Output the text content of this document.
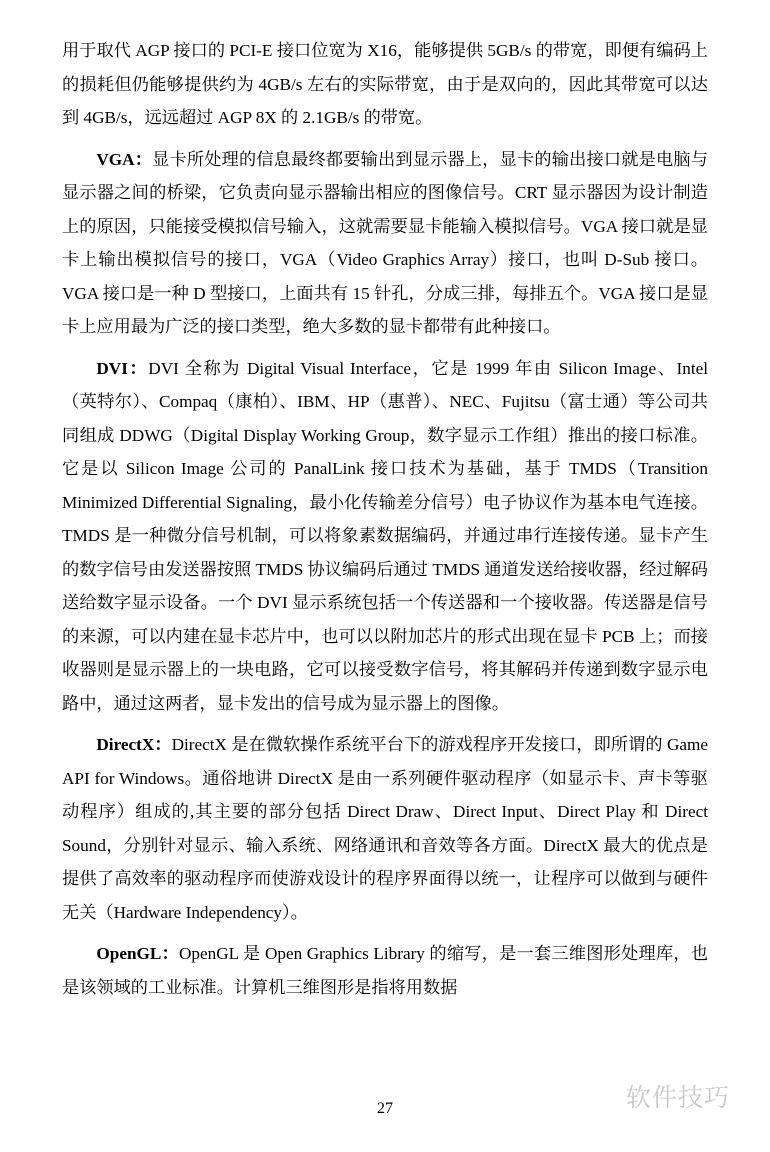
用于取代 AGP 接口的 PCI-E 接口位宽为 X16，能够提供 5GB/s 的带宽，即便有编码上的损耗但仍能够提供约为 4GB/s 左右的实际带宽，由于是双向的，因此其带宽可以达到 4GB/s，远远超过 AGP 8X 的 2.1GB/s 的带宽。

VGA：显卡所处理的信息最终都要输出到显示器上，显卡的输出接口就是电脑与显示器之间的桥梁，它负责向显示器输出相应的图像信号。CRT 显示器因为设计制造上的原因，只能接受模拟信号输入，这就需要显卡能输入模拟信号。VGA 接口就是显卡上输出模拟信号的接口，VGA（Video Graphics Array）接口，也叫 D-Sub 接口。VGA 接口是一种 D 型接口，上面共有 15 针孔，分成三排，每排五个。VGA 接口是显卡上应用最为广泛的接口类型，绝大多数的显卡都带有此种接口。

DVI：DVI 全称为 Digital Visual Interface，它是 1999 年由 Silicon Image、Intel（英特尔）、Compaq（康柏）、IBM、HP（惠普）、NEC、Fujitsu（富士通）等公司共同组成 DDWG（Digital Display Working Group，数字显示工作组）推出的接口标准。它是以 Silicon Image 公司的 PanalLink 接口技术为基础，基于 TMDS（Transition Minimized Differential Signaling，最小化传输差分信号）电子协议作为基本电气连接。TMDS 是一种微分信号机制，可以将象素数据编码，并通过串行连接传递。显卡产生的数字信号由发送器按照 TMDS 协议编码后通过 TMDS 通道发送给接收器，经过解码送给数字显示设备。一个 DVI 显示系统包括一个传送器和一个接收器。传送器是信号的来源，可以内建在显卡芯片中，也可以以附加芯片的形式出现在显卡 PCB 上；而接收器则是显示器上的一块电路，它可以接受数字信号，将其解码并传递到数字显示电路中，通过这两者，显卡发出的信号成为显示器上的图像。

DirectX：DirectX 是在微软操作系统平台下的游戏程序开发接口，即所谓的 Game API for Windows。通俗地讲 DirectX 是由一系列硬件驱动程序（如显示卡、声卡等驱动程序）组成的,其主要的部分包括 Direct Draw、Direct Input、Direct Play 和 Direct Sound，分别针对显示、输入系统、网络通讯和音效等各方面。DirectX 最大的优点是提供了高效率的驱动程序而使游戏设计的程序界面得以统一，让程序可以做到与硬件无关（Hardware Independency）。

OpenGL：OpenGL 是 Open Graphics Library 的缩写，是一套三维图形处理库，也是该领域的工业标准。计算机三维图形是指将用数据

27	软件技巧
